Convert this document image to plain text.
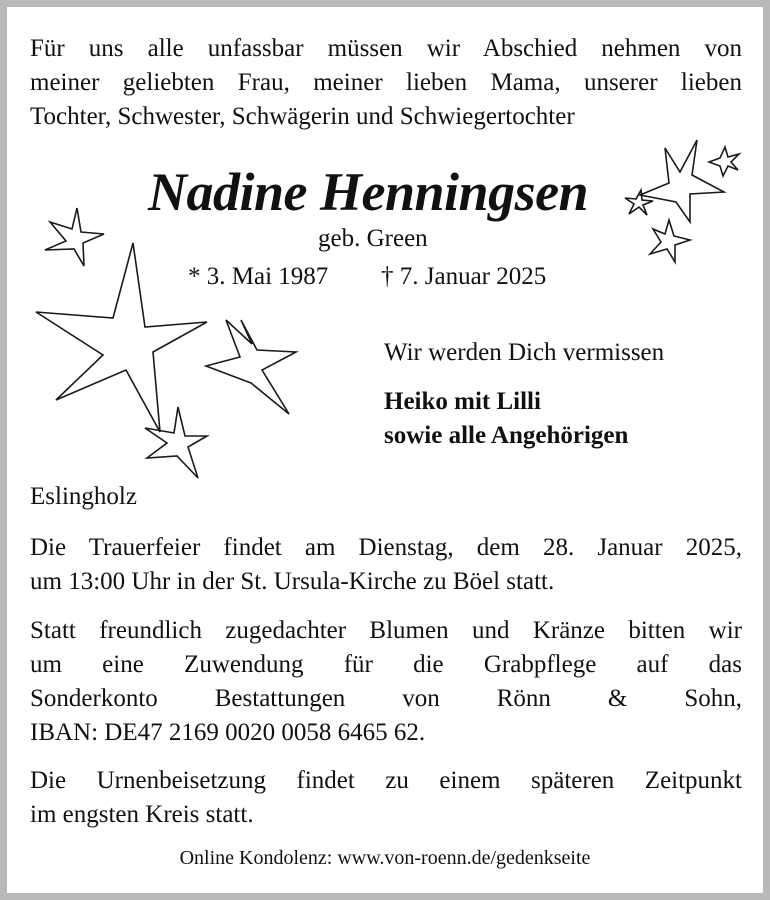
Für uns alle unfassbar müssen wir Abschied nehmen von
meiner geliebten Frau, meiner lieben Mama, unserer lieben
Tochter, Schwester, Schwägerin und Schwiegertochter
Nadine Henningsen
geb. Green
* 3. Mai 1987 † 7. Januar 2025
Wir werden Dich vermissen
Heiko mit Lilli
sowie alle Angehörigen
Eslingholz
Die Trauerfeier findet am Dienstag, dem 28. Januar 2025,
um 13:00 Uhr in der St. Ursula-Kirche zu Böel statt.
Statt freundlich zugedachter Blumen und Kränze bitten wir
um eine Zuwendung für die Grabpflege auf das
Sonderkonto Bestattungen von Rönn & Sohn,
IBAN: DE47 2169 0020 0058 6465 62.
Die Urnenbeisetzung findet zu einem späteren Zeitpunkt
im engsten Kreis statt.
Online Kondolenz: www.von-roenn.de/gedenkseite
